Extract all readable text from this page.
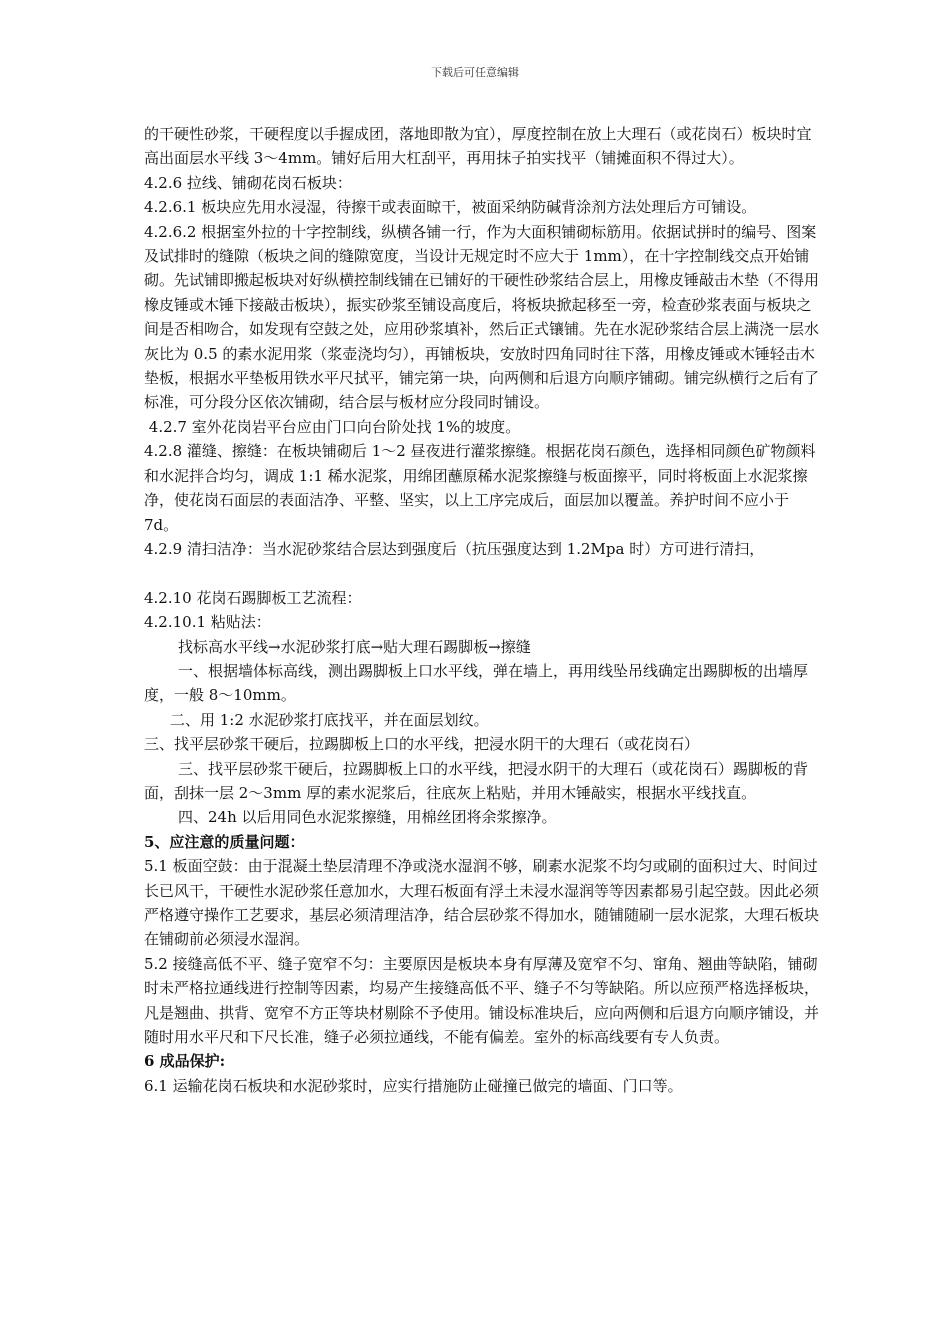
下载后可任意编辑

的干硬性砂浆，干硬程度以手握成团，落地即散为宜），厚度控制在放上大理石（或花岗石）板块时宜高出面层水平线 3～4mm。铺好后用大杠刮平，再用抹子拍实找平（铺摊面积不得过大）。

4.2.6 拉线、铺砌花岗石板块：

4.2.6.1 板块应先用水浸湿，待擦干或表面晾干，被面采纳防碱背涂剂方法处理后方可铺设。

4.2.6.2 根据室外拉的十字控制线，纵横各铺一行，作为大面积铺砌标筋用。依据试拼时的编号、图案及试排时的缝隙（板块之间的缝隙宽度，当设计无规定时不应大于 1mm），在十字控制线交点开始铺砌。先试铺即搬起板块对好纵横控制线铺在已铺好的干硬性砂浆结合层上，用橡皮锤敲击木垫（不得用橡皮锤或木锤下接敲击板块），振实砂浆至铺设高度后，将板块掀起移至一旁，检查砂浆表面与板块之间是否相吻合，如发现有空鼓之处，应用砂浆填补，然后正式镶铺。先在水泥砂浆结合层上满浇一层水灰比为 0.5 的素水泥用浆（浆壶浇均匀），再铺板块，安放时四角同时往下落，用橡皮锤或木锤轻击木垫板，根据水平垫板用铁水平尺拭平，铺完第一块，向两侧和后退方向顺序铺砌。铺完纵横行之后有了标准，可分段分区依次铺砌，结合层与板材应分段同时铺设。

4.2.7 室外花岗岩平台应由门口向台阶处找 1%的坡度。

4.2.8 灌缝、擦缝：在板块铺砌后 1～2 昼夜进行灌浆擦缝。根据花岗石颜色，选择相同颜色矿物颜料和水泥拌合均匀，调成 1:1 稀水泥浆，用绵团蘸原稀水泥浆擦缝与板面擦平，同时将板面上水泥浆擦净，使花岗石面层的表面洁净、平整、坚实，以上工序完成后，面层加以覆盖。养护时间不应小于 7d。

4.2.9 清扫洁净：当水泥砂浆结合层达到强度后（抗压强度达到 1.2Mpa 时）方可进行清扫，

4.2.10 花岗石踢脚板工艺流程：

4.2.10.1 粘贴法：

找标高水平线→水泥砂浆打底→贴大理石踢脚板→擦缝

一、根据墙体标高线，测出踢脚板上口水平线，弹在墙上，再用线坠吊线确定出踢脚板的出墙厚度，一般 8～10mm。

二、用 1:2 水泥砂浆打底找平，并在面层划纹。

三、找平层砂浆干硬后，拉踢脚板上口的水平线，把浸水阴干的大理石（或花岗石）

三、找平层砂浆干硬后，拉踢脚板上口的水平线，把浸水阴干的大理石（或花岗石）踢脚板的背面，刮抹一层 2～3mm 厚的素水泥浆后，往底灰上粘贴，并用木锤敲实，根据水平线找直。

四、24h 以后用同色水泥浆擦缝，用棉丝团将余浆擦净。

5、应注意的质量问题：

5.1 板面空鼓：由于混凝土垫层清理不净或浇水湿润不够，刷素水泥浆不均匀或刷的面积过大、时间过长已风干，干硬性水泥砂浆任意加水，大理石板面有浮土未浸水湿润等等因素都易引起空鼓。因此必须严格遵守操作工艺要求，基层必须清理洁净，结合层砂浆不得加水，随铺随刷一层水泥浆，大理石板块在铺砌前必须浸水湿润。

5.2 接缝高低不平、缝子宽窄不匀：主要原因是板块本身有厚薄及宽窄不匀、窜角、翘曲等缺陷，铺砌时未严格拉通线进行控制等因素，均易产生接缝高低不平、缝子不匀等缺陷。所以应预严格选择板块，凡是翘曲、拱背、宽窄不方正等块材剔除不予使用。铺设标准块后，应向两侧和后退方向顺序铺设，并随时用水平尺和下尺长准，缝子必须拉通线，不能有偏差。室外的标高线要有专人负责。

6 成品保护:

6.1 运输花岗石板块和水泥砂浆时，应实行措施防止碰撞已做完的墙面、门口等。
